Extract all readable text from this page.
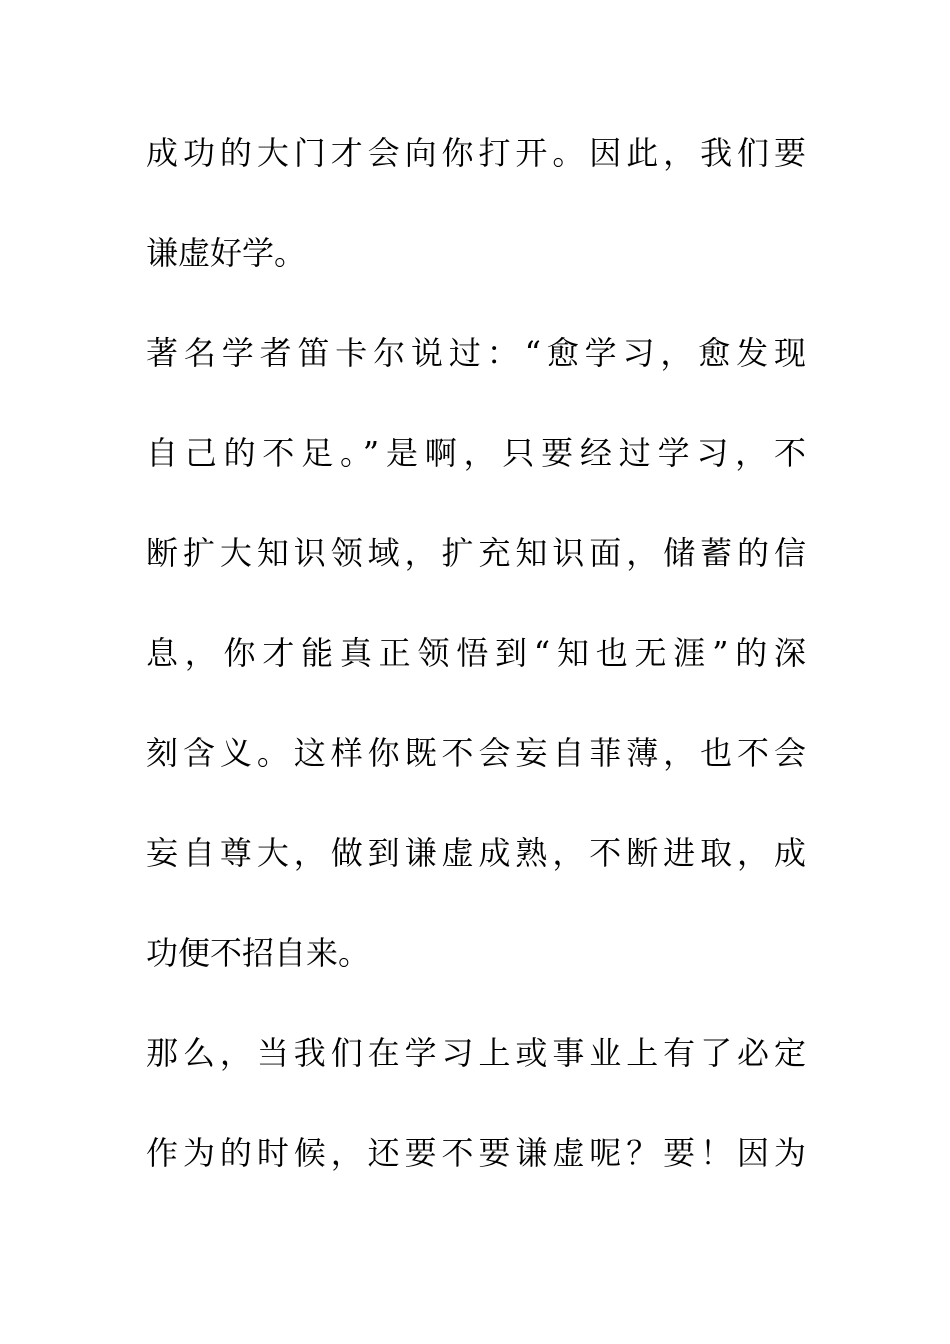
成功的大门才会向你打开。因此，我们要
谦虚好学。
著名学者笛卡尔说过：“愈学习，愈发现
自己的不足。”是啊，只要经过学习，不
断扩大知识领域，扩充知识面，储蓄的信
息，你才能真正领悟到“知也无涯”的深
刻含义。这样你既不会妄自菲薄，也不会
妄自尊大，做到谦虚成熟，不断进取，成
功便不招自来。
那么，当我们在学习上或事业上有了必定
作为的时候，还要不要谦虚呢？要！因为
